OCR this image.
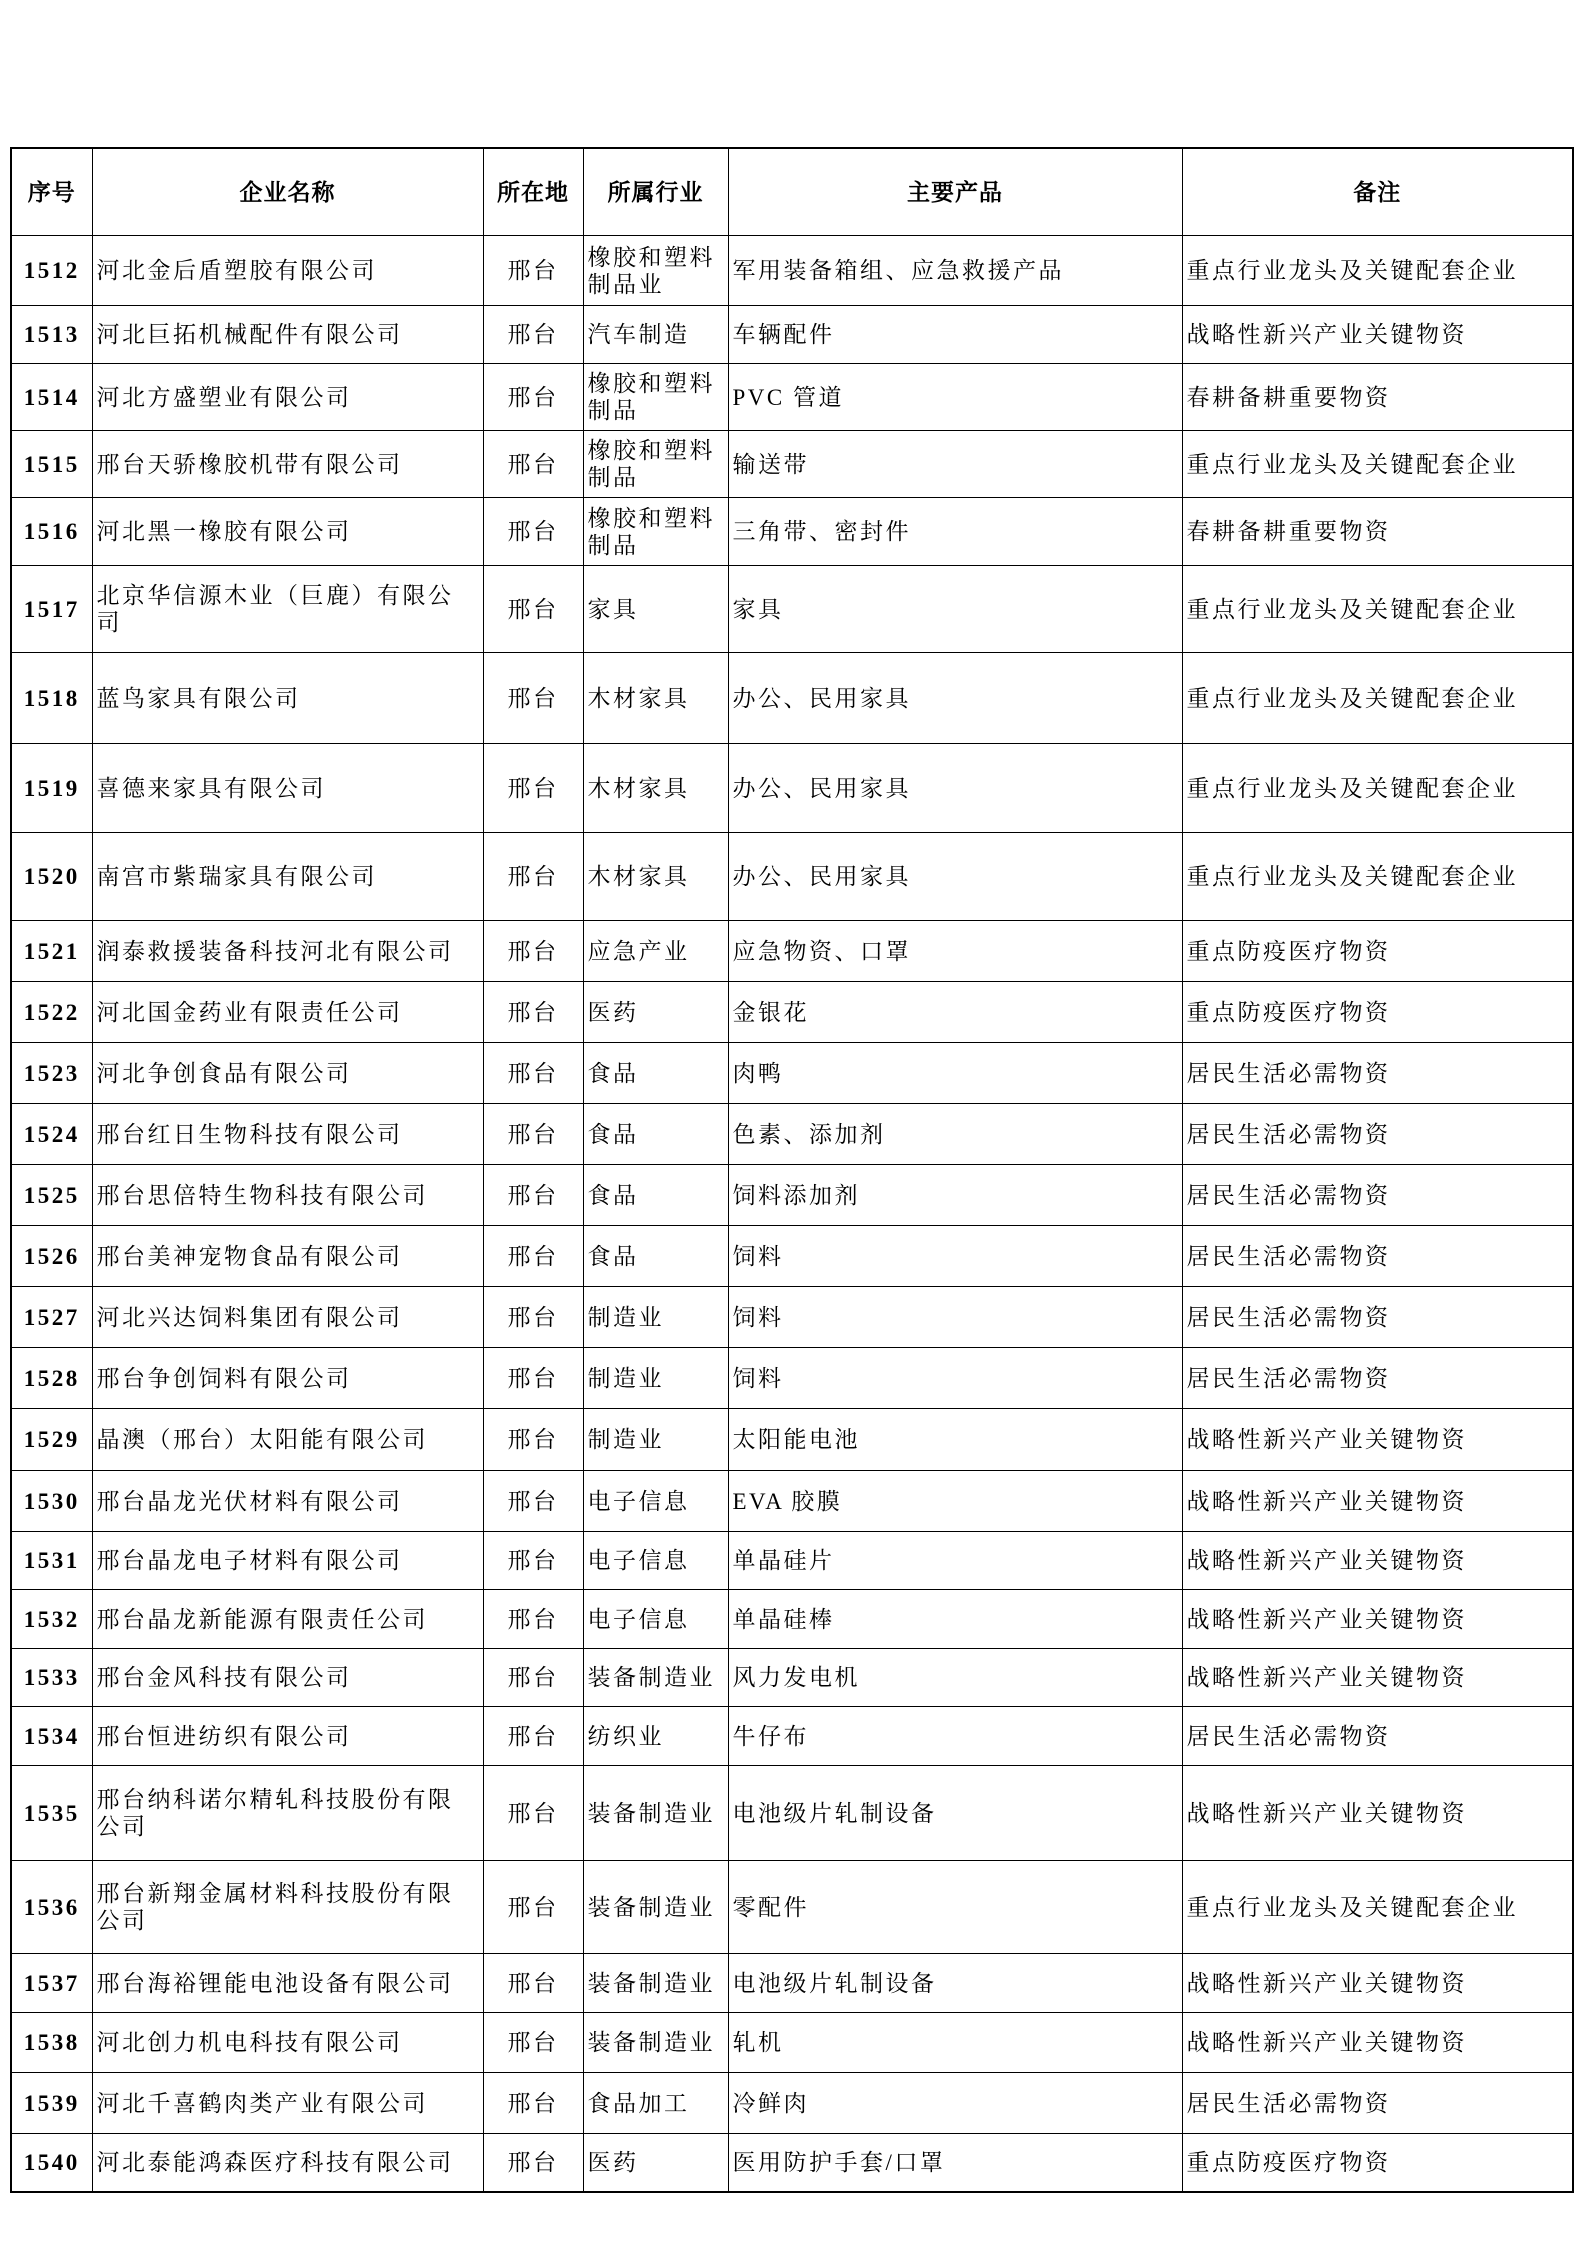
序号	企业名称	所在地	所属行业	主要产品	备注
1512	河北金后盾塑胶有限公司	邢台	橡胶和塑料制品业	军用装备箱组、应急救援产品	重点行业龙头及关键配套企业
1513	河北巨拓机械配件有限公司	邢台	汽车制造	车辆配件	战略性新兴产业关键物资
1514	河北方盛塑业有限公司	邢台	橡胶和塑料制品	PVC 管道	春耕备耕重要物资
1515	邢台天骄橡胶机带有限公司	邢台	橡胶和塑料制品	输送带	重点行业龙头及关键配套企业
1516	河北黑一橡胶有限公司	邢台	橡胶和塑料制品	三角带、密封件	春耕备耕重要物资
1517	北京华信源木业（巨鹿）有限公司	邢台	家具	家具	重点行业龙头及关键配套企业
1518	蓝鸟家具有限公司	邢台	木材家具	办公、民用家具	重点行业龙头及关键配套企业
1519	喜德来家具有限公司	邢台	木材家具	办公、民用家具	重点行业龙头及关键配套企业
1520	南宫市紫瑞家具有限公司	邢台	木材家具	办公、民用家具	重点行业龙头及关键配套企业
1521	润泰救援装备科技河北有限公司	邢台	应急产业	应急物资、口罩	重点防疫医疗物资
1522	河北国金药业有限责任公司	邢台	医药	金银花	重点防疫医疗物资
1523	河北争创食品有限公司	邢台	食品	肉鸭	居民生活必需物资
1524	邢台红日生物科技有限公司	邢台	食品	色素、添加剂	居民生活必需物资
1525	邢台思倍特生物科技有限公司	邢台	食品	饲料添加剂	居民生活必需物资
1526	邢台美神宠物食品有限公司	邢台	食品	饲料	居民生活必需物资
1527	河北兴达饲料集团有限公司	邢台	制造业	饲料	居民生活必需物资
1528	邢台争创饲料有限公司	邢台	制造业	饲料	居民生活必需物资
1529	晶澳（邢台）太阳能有限公司	邢台	制造业	太阳能电池	战略性新兴产业关键物资
1530	邢台晶龙光伏材料有限公司	邢台	电子信息	EVA 胶膜	战略性新兴产业关键物资
1531	邢台晶龙电子材料有限公司	邢台	电子信息	单晶硅片	战略性新兴产业关键物资
1532	邢台晶龙新能源有限责任公司	邢台	电子信息	单晶硅棒	战略性新兴产业关键物资
1533	邢台金风科技有限公司	邢台	装备制造业	风力发电机	战略性新兴产业关键物资
1534	邢台恒进纺织有限公司	邢台	纺织业	牛仔布	居民生活必需物资
1535	邢台纳科诺尔精轧科技股份有限公司	邢台	装备制造业	电池级片轧制设备	战略性新兴产业关键物资
1536	邢台新翔金属材料科技股份有限公司	邢台	装备制造业	零配件	重点行业龙头及关键配套企业
1537	邢台海裕锂能电池设备有限公司	邢台	装备制造业	电池级片轧制设备	战略性新兴产业关键物资
1538	河北创力机电科技有限公司	邢台	装备制造业	轧机	战略性新兴产业关键物资
1539	河北千喜鹤肉类产业有限公司	邢台	食品加工	冷鲜肉	居民生活必需物资
1540	河北泰能鸿森医疗科技有限公司	邢台	医药	医用防护手套/口罩	重点防疫医疗物资
